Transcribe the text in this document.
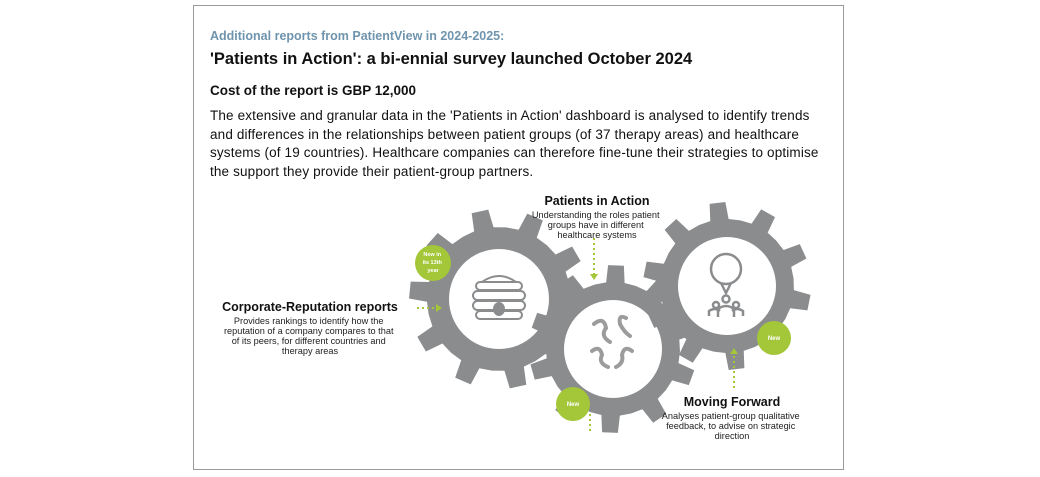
Additional reports from PatientView in 2024-2025:
'Patients in Action': a bi-ennial survey launched October 2024
Cost of the report is GBP 12,000
The extensive and granular data in the 'Patients in Action' dashboard is analysed to identify trends and differences in the relationships between patient groups (of 37 therapy areas) and healthcare systems (of 19 countries). Healthcare companies can therefore fine-tune their strategies to optimise the support they provide their patient-group partners.
New in its 13th year
New
New
Patients in Action
Understanding the roles patient groups have in different healthcare systems
Corporate-Reputation reports
Provides rankings to identify how the reputation of a company compares to that of its peers, for different countries and therapy areas
Moving Forward
Analyses patient-group qualitative feedback, to advise on strategic direction
